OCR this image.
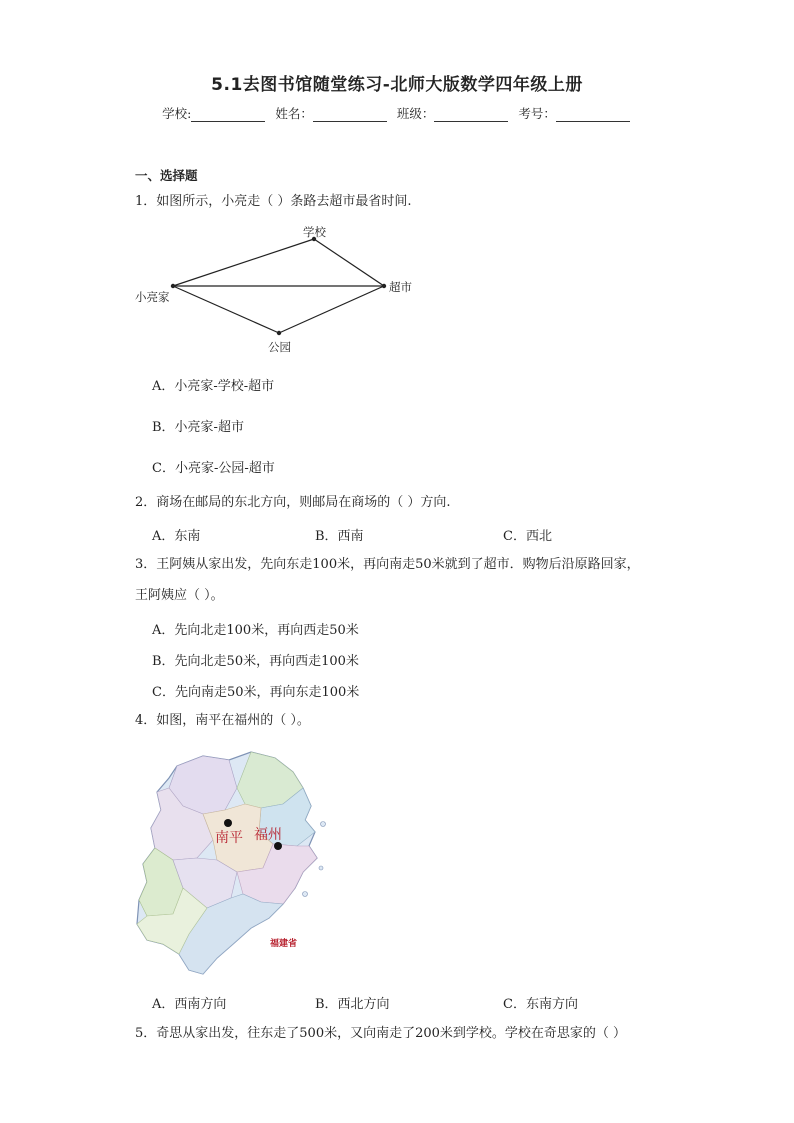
5.1去图书馆随堂练习-北师大版数学四年级上册
学校:	姓名：	班级：	考号：
一、选择题
1．如图所示，小亮走（ ）条路去超市最省时间.
学校
小亮家
超市
公园
A．小亮家-学校-超市
B．小亮家-超市
C．小亮家-公园-超市
2．商场在邮局的东北方向，则邮局在商场的（ ）方向.
A．东南	B．西南	C．西北
3．王阿姨从家出发，先向东走100米，再向南走50米就到了超市．购物后沿原路回家，
王阿姨应（ ）。
A．先向北走100米，再向西走50米
B．先向北走50米，再向西走100米
C．先向南走50米，再向东走100米
4．如图，南平在福州的（ ）。
南平 福州
福建省
A．西南方向	B．西北方向	C．东南方向
5．奇思从家出发，往东走了500米，又向南走了200米到学校。学校在奇思家的（ ）
